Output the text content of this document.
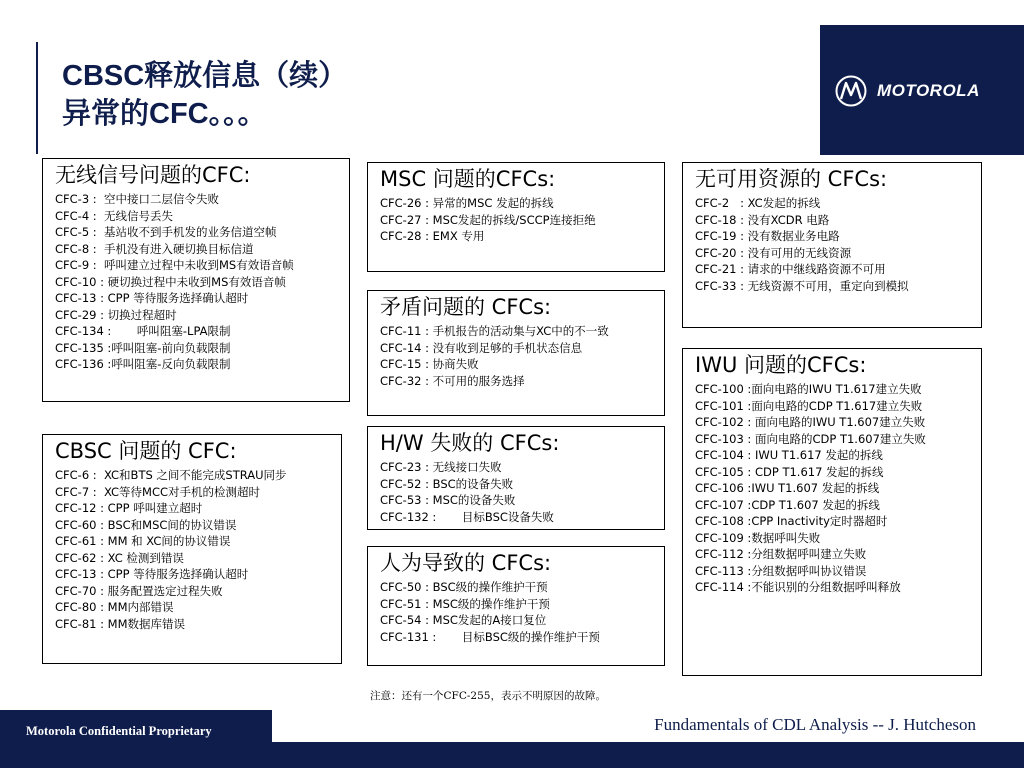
MOTOROLA
CBSC释放信息（续）
异常的CFC。。。
无线信号问题的CFC:
CFC-3 : 空中接口二层信令失败
CFC-4 : 无线信号丢失
CFC-5 : 基站收不到手机发的业务信道空帧
CFC-8 : 手机没有进入硬切换目标信道
CFC-9 : 呼叫建立过程中未收到MS有效语音帧
CFC-10 : 硬切换过程中未收到MS有效语音帧
CFC-13 : CPP 等待服务选择确认超时
CFC-29 : 切换过程超时
CFC-134 : 呼叫阻塞-LPA限制
CFC-135 : 呼叫阻塞-前向负载限制
CFC-136 : 呼叫阻塞-反向负载限制
CBSC 问题的 CFC:
CFC-6 : XC和BTS 之间不能完成STRAU同步
CFC-7 : XC等待MCC对手机的检测超时
CFC-12 : CPP 呼叫建立超时
CFC-60 : BSC和MSC间的协议错误
CFC-61 : MM 和 XC间的协议错误
CFC-62 : XC 检测到错误
CFC-13 : CPP 等待服务选择确认超时
CFC-70 : 服务配置选定过程失败
CFC-80 : MM内部错误
CFC-81 : MM数据库错误
MSC 问题的CFCs:
CFC-26 : 异常的MSC 发起的拆线
CFC-27 : MSC发起的拆线/SCCP连接拒绝
CFC-28 : EMX 专用
矛盾问题的 CFCs:
CFC-11 : 手机报告的活动集与XC中的不一致
CFC-14 : 没有收到足够的手机状态信息
CFC-15 : 协商失败
CFC-32 : 不可用的服务选择
H/W 失败的 CFCs:
CFC-23 : 无线接口失败
CFC-52 : BSC的设备失败
CFC-53 : MSC的设备失败
CFC-132 : 目标BSC设备失败
人为导致的 CFCs:
CFC-50 : BSC级的操作维护干预
CFC-51 : MSC级的操作维护干预
CFC-54 : MSC发起的A接口复位
CFC-131 : 目标BSC级的操作维护干预
无可用资源的 CFCs:
CFC-2   : XC发起的拆线
CFC-18 : 没有XCDR 电路
CFC-19 : 没有数据业务电路
CFC-20 : 没有可用的无线资源
CFC-21 : 请求的中继线路资源不可用
CFC-33 : 无线资源不可用，重定向到模拟
IWU 问题的CFCs:
CFC-100 : 面向电路的IWU T1.617建立失败
CFC-101 : 面向电路的CDP T1.617建立失败
CFC-102 : 面向电路的IWU T1.607建立失败
CFC-103 : 面向电路的CDP T1.607建立失败
CFC-104 : IWU T1.617 发起的拆线
CFC-105 : CDP T1.617 发起的拆线
CFC-106 : IWU T1.607 发起的拆线
CFC-107 : CDP T1.607 发起的拆线
CFC-108 : CPP Inactivity定时器超时
CFC-109 : 数据呼叫失败
CFC-112 : 分组数据呼叫建立失败
CFC-113 : 分组数据呼叫协议错误
CFC-114 : 不能识别的分组数据呼叫释放
注意：还有一个CFC-255，表示不明原因的故障。
Motorola Confidential Proprietary	Fundamentals of CDL Analysis -- J. Hutcheson
